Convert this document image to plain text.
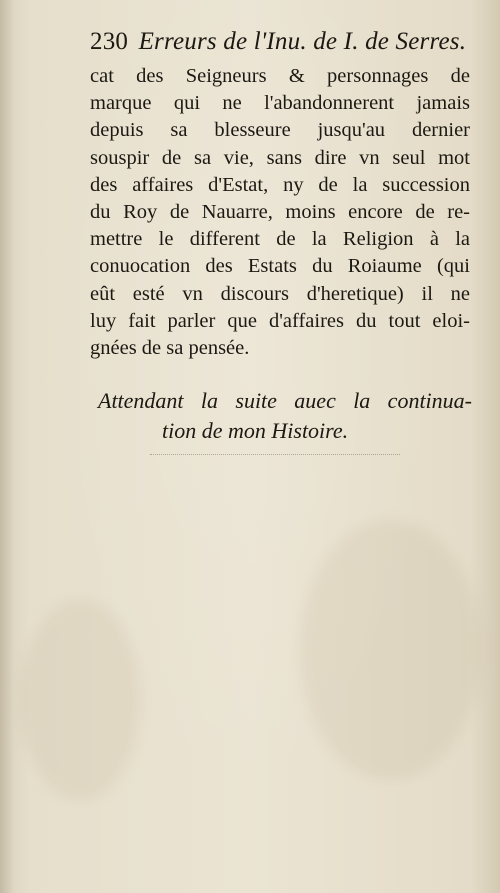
230 Erreurs de l'Inu. de I. de Serres.
cat des Seigneurs & personnages de
marque qui ne l'abandonnerent jamais
depuis sa blesseure jusqu'au dernier
souspir de sa vie, sans dire vn seul mot
des affaires d'Estat, ny de la succession
du Roy de Nauarre, moins encore de re-
mettre le different de la Religion à la
conuocation des Estats du Roiaume (qui
eût esté vn discours d'heretique) il ne
luy fait parler que d'affaires du tout eloi-
gnées de sa pensée.
Attendant la suite auec la continua-
tion de mon Histoire.
